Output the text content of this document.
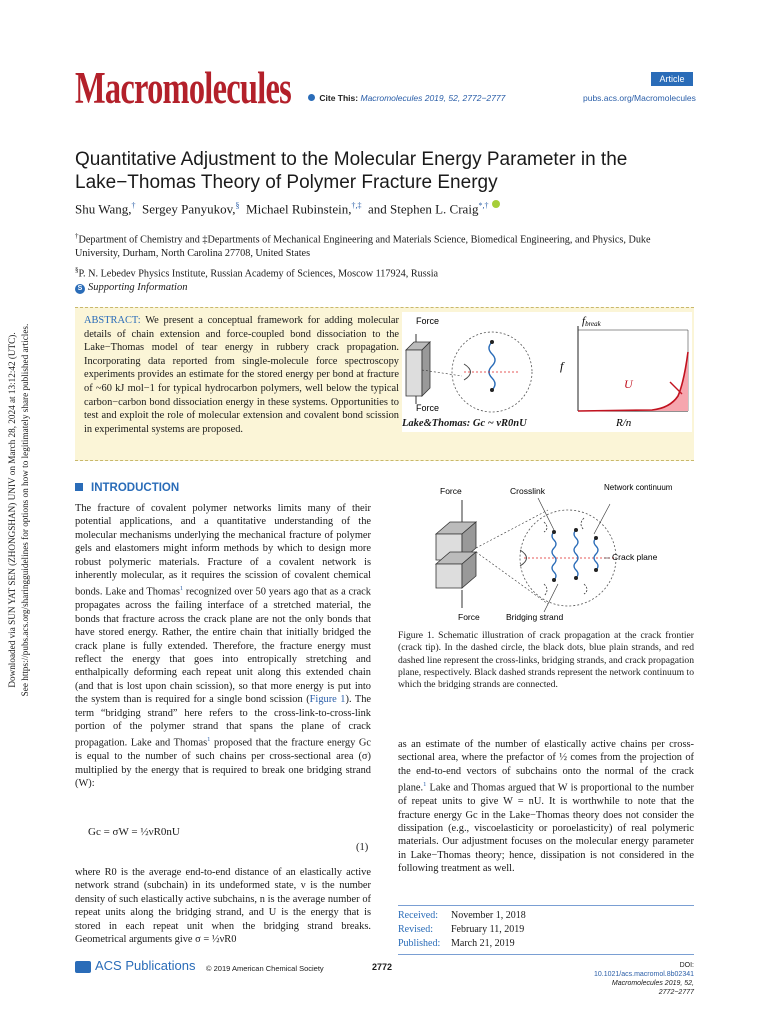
Downloaded via SUN YAT SEN (ZHONGSHAN) UNIV on March 28, 2024 at 13:12:42 (UTC). See https://pubs.acs.org/sharingguidelines for options on how to legitimately share published articles.
Macromolecules	Article
Cite This: Macromolecules 2019, 52, 2772−2777	pubs.acs.org/Macromolecules
Quantitative Adjustment to the Molecular Energy Parameter in the Lake−Thomas Theory of Polymer Fracture Energy
Shu Wang,† Sergey Panyukov,§ Michael Rubinstein,†,‡ and Stephen L. Craig*,†
†Department of Chemistry and ‡Departments of Mechanical Engineering and Materials Science, Biomedical Engineering, and Physics, Duke University, Durham, North Carolina 27708, United States
§P. N. Lebedev Physics Institute, Russian Academy of Sciences, Moscow 117924, Russia
S Supporting Information
ABSTRACT: We present a conceptual framework for adding molecular details of chain extension and force-coupled bond dissociation to the Lake−Thomas model of tear energy in rubbery crack propagation. Incorporating data reported from single-molecule force spectroscopy experiments provides an estimate for the stored energy per bond at fracture of ~60 kJ mol−1 for typical hydrocarbon polymers, well below the typical carbon−carbon bond dissociation energy in these systems. Opportunities to test and exploit the role of molecular extension and covalent bond scission in experimental systems are proposed.
Force
Force
fbreak
f
U
R/n
Lake&Thomas: Gc ~ νR0nU
INTRODUCTION

The fracture of covalent polymer networks limits many of their potential applications, and a quantitative understanding of the molecular mechanisms underlying the mechanical fracture of polymer gels and elastomers might inform methods by which to design more robust polymeric materials. Fracture of a covalent network is inherently molecular, as it requires the scission of covalent chemical bonds. Lake and Thomas$^1$ recognized over 50 years ago that as a crack propagates across the failing interface of a stretched material, the bonds that fracture across the crack plane are not the only bonds that have stored energy. Rather, the entire chain that initially bridged the crack plane is fully extended. Therefore, the fracture energy must reflect the energy that goes into entropically stretching and enthalpically deforming each repeat unit along this extended chain (and that is lost upon chain scission), so that more energy is put into the system than is required for a single bond scission (Figure 1). The term “bridging strand” here refers to the cross-link-to-cross-link portion of the polymer strand that spans the plane of crack propagation. Lake and Thomas$^1$ proposed that the fracture energy Gc is equal to the number of such chains per cross-sectional area (σ) multiplied by the energy that is required to break one bridging strand (W):

Gc = σW = ½νR0nU
(1)
where R0 is the average end-to-end distance of an elastically active network strand (subchain) in its undeformed state, ν is the number density of such elastically active subchains, n is the average number of repeat units along the bridging strand, and U is the energy that is stored in each repeat unit when the bridging strand breaks. Geometrical arguments give σ = ½νR0
Force	Crosslink	Network continuum
Crack plane
Force	Bridging strand
Figure 1. Schematic illustration of crack propagation at the crack frontier (crack tip). In the dashed circle, the black dots, blue plain strands, and red dashed line represent the cross-links, bridging strands, and crack propagation plane, respectively. Black dashed strands represent the network continuum to which the bridging strands are connected.
as an estimate of the number of elastically active chains per cross-sectional area, where the prefactor of ½ comes from the projection of the end-to-end vectors of subchains onto the normal of the crack plane.$^1$ Lake and Thomas argued that W is proportional to the number of repeat units to give W = nU. It is worthwhile to note that the fracture energy Gc in the Lake−Thomas theory does not consider the dissipation (e.g., viscoelasticity or poroelasticity) of real polymeric materials. Our adjustment focuses on the molecular energy parameter in Lake−Thomas theory; hence, dissipation is not considered in the following treatment as well.
Received: November 1, 2018
Revised: February 11, 2019
Published: March 21, 2019
ACS Publications © 2019 American Chemical Society	2772	DOI: 10.1021/acs.macromol.8b02341
Macromolecules 2019, 52, 2772−2777
